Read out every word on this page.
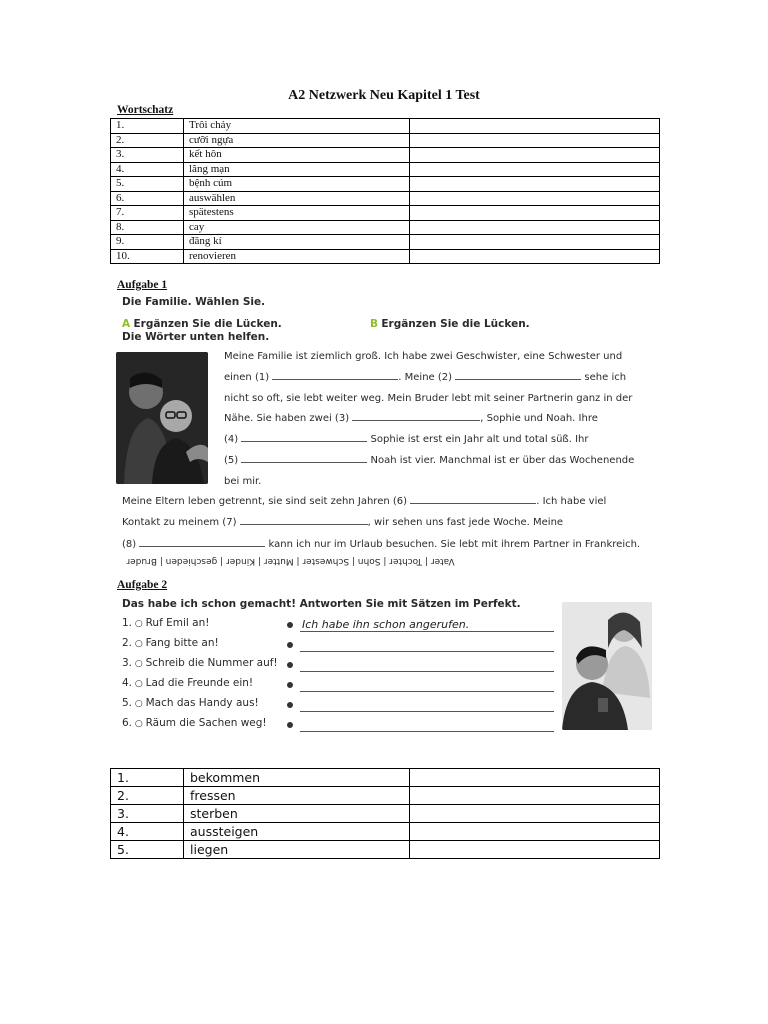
A2 Netzwerk Neu Kapitel 1 Test
Wortschatz
1.	Trôi chảy	
2.	cưỡi ngựa	
3.	kết hôn	
4.	lãng mạn	
5.	bệnh cúm	
6.	auswählen	
7.	spätestens	
8.	cay	
9.	đăng kí	
10.	renovieren	
Aufgabe 1
Die Familie. Wählen Sie.
A Ergänzen Sie die Lücken.
Die Wörter unten helfen.
B Ergänzen Sie die Lücken.
Meine Familie ist ziemlich groß. Ich habe zwei Geschwister, eine Schwester und
einen (1)	. Meine (2)	sehe ich
nicht so oft, sie lebt weiter weg. Mein Bruder lebt mit seiner Partnerin ganz in der
Nähe. Sie haben zwei (3)	, Sophie und Noah. Ihre
(4)	Sophie ist erst ein Jahr alt und total süß. Ihr
(5)	Noah ist vier. Manchmal ist er über das Wochenende
bei mir.
Meine Eltern leben getrennt, sie sind seit zehn Jahren (6)	. Ich habe viel
Kontakt zu meinem (7)	, wir sehen uns fast jede Woche. Meine
(8)	kann ich nur im Urlaub besuchen. Sie lebt mit ihrem Partner in Frankreich.
Vater | Tochter | Sohn | Schwester | Mutter | Kinder | geschieden | Bruder
Aufgabe 2
Das habe ich schon gemacht! Antworten Sie mit Sätzen im Perfekt.
1. ○ Ruf Emil an!	Ich habe ihn schon angerufen.
2. ○ Fang bitte an!
3. ○ Schreib die Nummer auf!
4. ○ Lad die Freunde ein!
5. ○ Mach das Handy aus!
6. ○ Räum die Sachen weg!
1.	bekommen	
2.	fressen	
3.	sterben	
4.	aussteigen	
5.	liegen	
